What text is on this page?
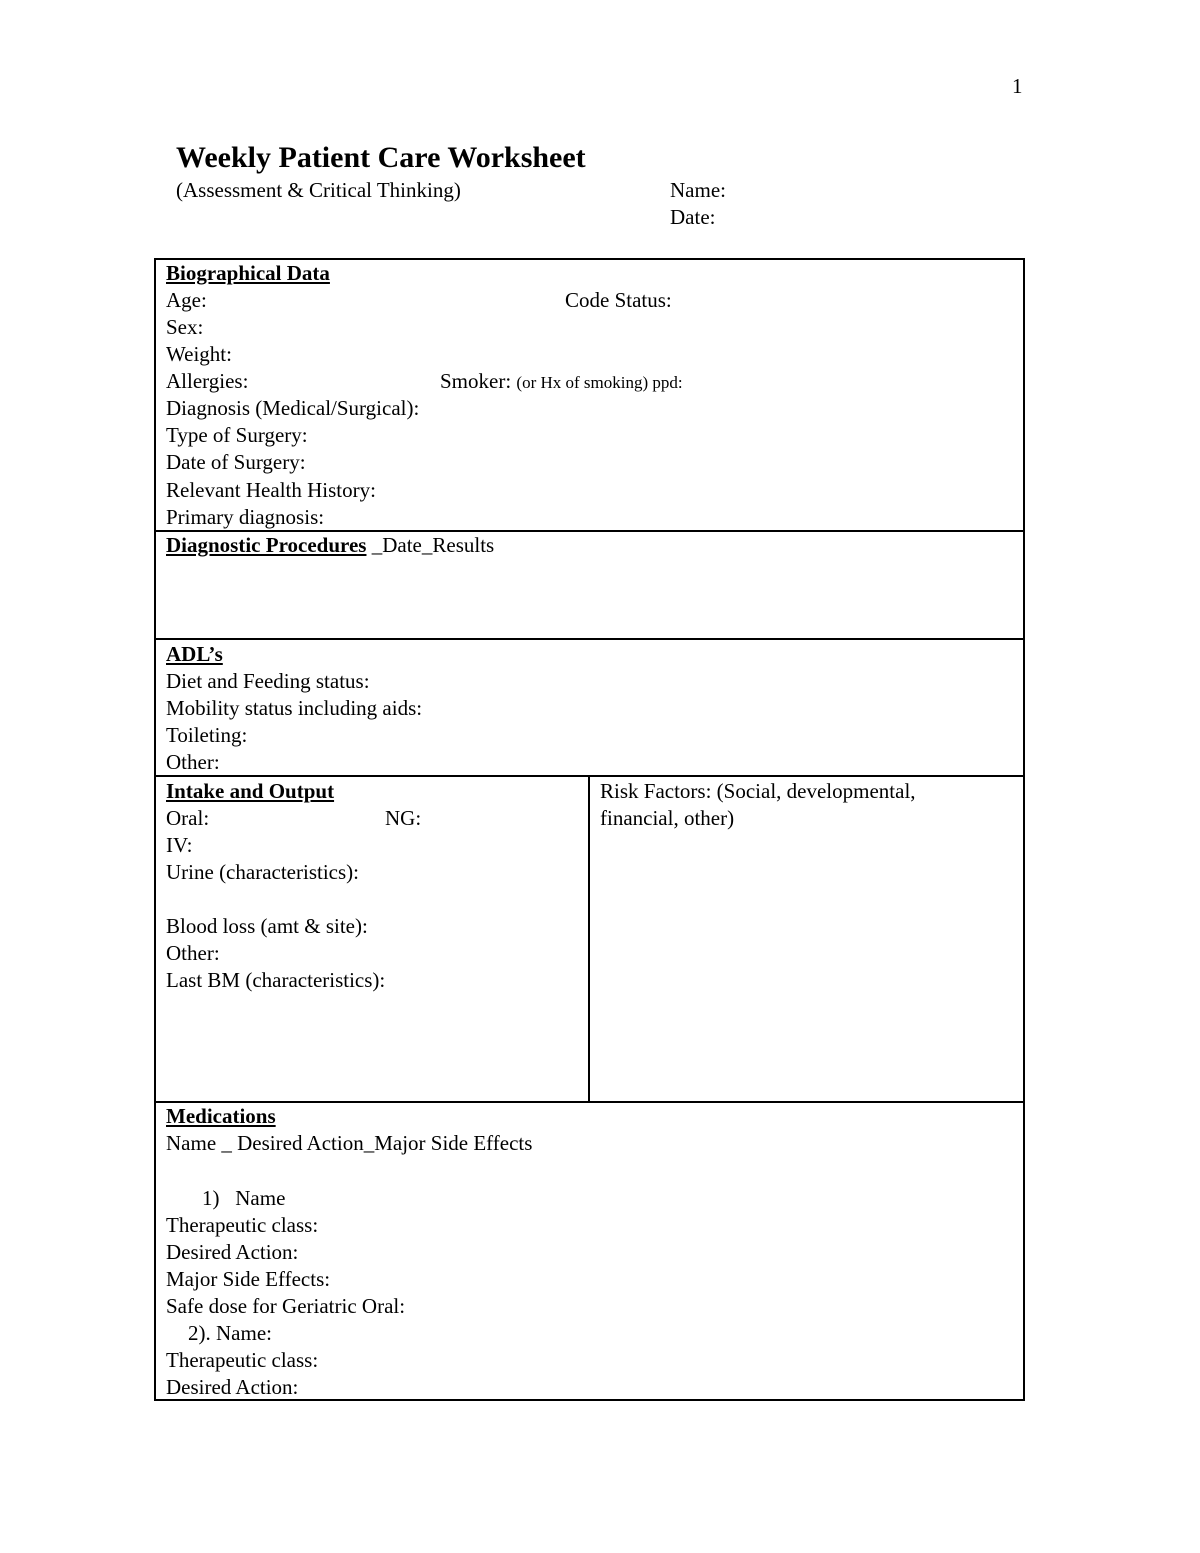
1
Weekly Patient Care Worksheet
(Assessment & Critical Thinking)	Name:
Date:
Biographical Data
Age:	Code Status:
Sex:
Weight:
Allergies:	Smoker: (or Hx of smoking) ppd:
Diagnosis (Medical/Surgical):
Type of Surgery:
Date of Surgery:
Relevant Health History:
Primary diagnosis:
Diagnostic Procedures _Date_Results
ADL’s
Diet and Feeding status:
Mobility status including aids:
Toileting:
Other:
Intake and Output
Oral:	NG:
IV:
Urine (characteristics):
Blood loss (amt & site):
Other:
Last BM (characteristics):
Risk Factors: (Social, developmental,
financial, other)
Medications
Name _ Desired Action_Major Side Effects
1)   Name
Therapeutic class:
Desired Action:
Major Side Effects:
Safe dose for Geriatric Oral:
2). Name:
Therapeutic class:
Desired Action:
